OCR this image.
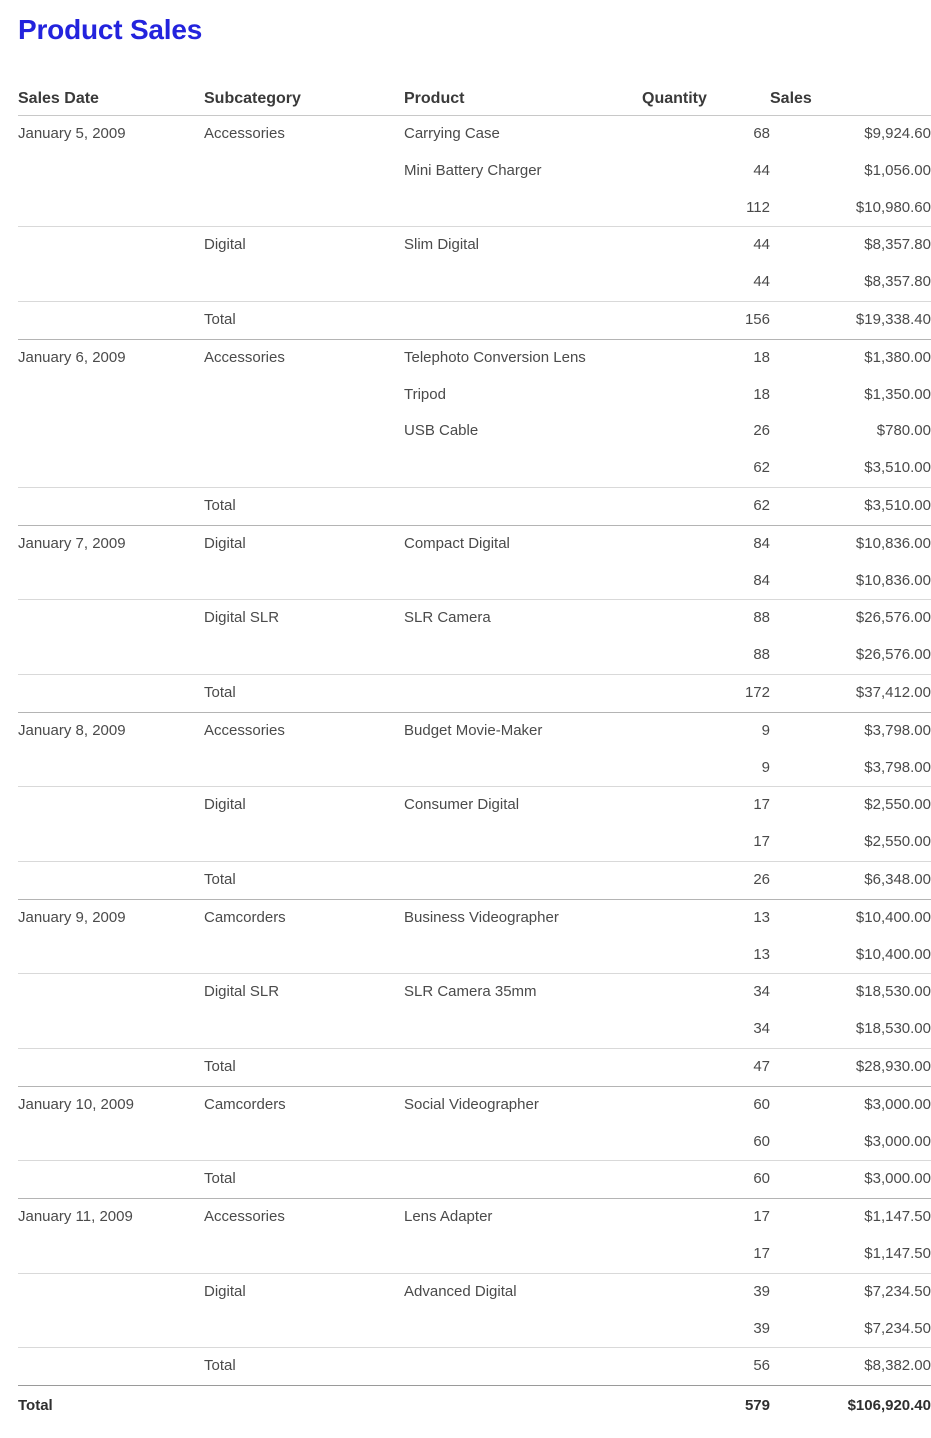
Product Sales
Sales Date	Subcategory	Product	Quantity	Sales
January 5, 2009	Accessories	Carrying Case	68	$9,924.60
		Mini Battery Charger	44	$1,056.00
			112	$10,980.60
	Digital	Slim Digital	44	$8,357.80
			44	$8,357.80
	Total		156	$19,338.40
January 6, 2009	Accessories	Telephoto Conversion Lens	18	$1,380.00
		Tripod	18	$1,350.00
		USB Cable	26	$780.00
			62	$3,510.00
	Total		62	$3,510.00
January 7, 2009	Digital	Compact Digital	84	$10,836.00
			84	$10,836.00
	Digital SLR	SLR Camera	88	$26,576.00
			88	$26,576.00
	Total		172	$37,412.00
January 8, 2009	Accessories	Budget Movie-Maker	9	$3,798.00
			9	$3,798.00
	Digital	Consumer Digital	17	$2,550.00
			17	$2,550.00
	Total		26	$6,348.00
January 9, 2009	Camcorders	Business Videographer	13	$10,400.00
			13	$10,400.00
	Digital SLR	SLR Camera 35mm	34	$18,530.00
			34	$18,530.00
	Total		47	$28,930.00
January 10, 2009	Camcorders	Social Videographer	60	$3,000.00
			60	$3,000.00
	Total		60	$3,000.00
January 11, 2009	Accessories	Lens Adapter	17	$1,147.50
			17	$1,147.50
	Digital	Advanced Digital	39	$7,234.50
			39	$7,234.50
	Total		56	$8,382.00
Total			579	$106,920.40
